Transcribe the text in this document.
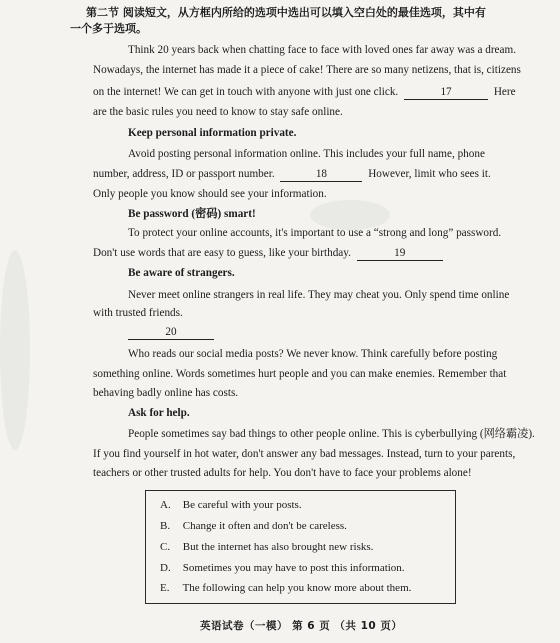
第二节 阅读短文，从方框内所给的选项中选出可以填入空白处的最佳选项，其中有
一个多于选项。
Think 20 years back when chatting face to face with loved ones far away was a dream.
Nowadays, the internet has made it a piece of cake! There are so many netizens, that is, citizens
on the internet! We can get in touch with anyone with just one click.	17	Here
are the basic rules you need to know to stay safe online.
Keep personal information private.
Avoid posting personal information online. This includes your full name, phone
number, address, ID or passport number.	18	However, limit who sees it.
Only people you know should see your information.
Be password (密码) smart!
To protect your online accounts, it's important to use a “strong and long” password.
Don't use words that are easy to guess, like your birthday.	19
Be aware of strangers.
Never meet online strangers in real life. They may cheat you. Only spend time online
with trusted friends.
20
Who reads our social media posts? We never know. Think carefully before posting
something online. Words sometimes hurt people and you can make enemies. Remember that
behaving badly online has costs.
Ask for help.
People sometimes say bad things to other people online. This is cyberbullying (网络霸凌).
If you find yourself in hot water, don't answer any bad messages. Instead, turn to your parents,
teachers or other trusted adults for help. You don't have to face your problems alone!
A. Be careful with your posts.
B. Change it often and don't be careless.
C. But the internet has also brought new risks.
D. Sometimes you may have to post this information.
E. The following can help you know more about them.
英语试卷（一模） 第 6 页 （共 10 页）
